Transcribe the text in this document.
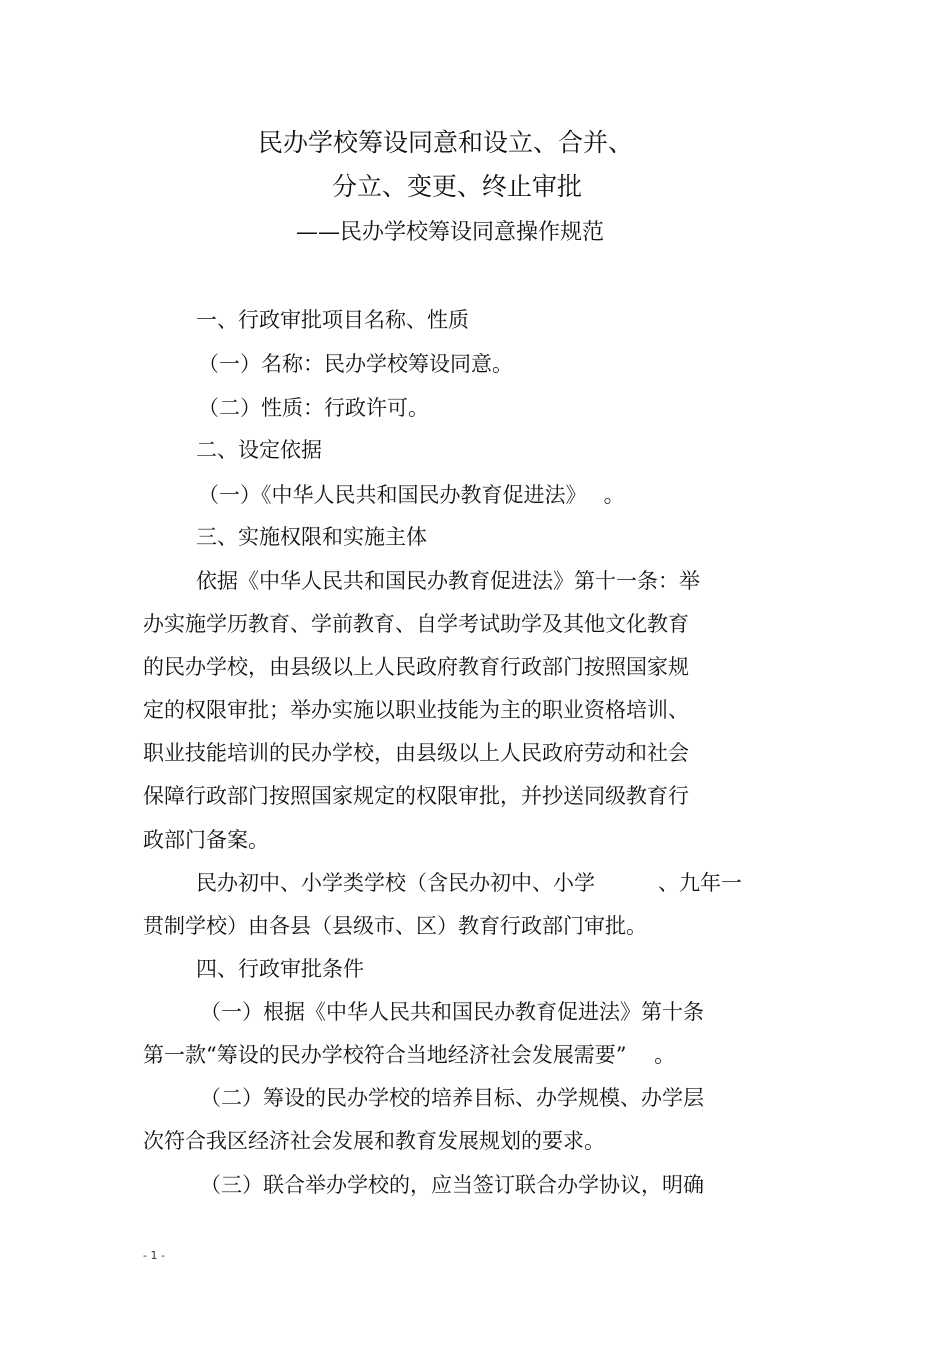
民办学校筹设同意和设立、合并、
分立、变更、终止审批
——民办学校筹设同意操作规范
一、行政审批项目名称、性质
（一）名称：民办学校筹设同意。
（二）性质：行政许可。
二、设定依据
（一）《中华人民共和国民办教育促进法》　 。
三、实施权限和实施主体
依据《中华人民共和国民办教育促进法》第十一条：举
办实施学历教育、学前教育、自学考试助学及其他文化教育
的民办学校，由县级以上人民政府教育行政部门按照国家规
定的权限审批；举办实施以职业技能为主的职业资格培训、
职业技能培训的民办学校，由县级以上人民政府劳动和社会
保障行政部门按照国家规定的权限审批，并抄送同级教育行
政部门备案。
民办初中、小学类学校（含民办初中、小学　　　、九年一
贯制学校）由各县（县级市、区）教育行政部门审批。
四、行政审批条件
（一）根据《中华人民共和国民办教育促进法》第十条
第一款“筹设的民办学校符合当地经济社会发展需要”　 。
（二）筹设的民办学校的培养目标、办学规模、办学层
次符合我区经济社会发展和教育发展规划的要求。
（三）联合举办学校的，应当签订联合办学协议，明确
- 1 -
